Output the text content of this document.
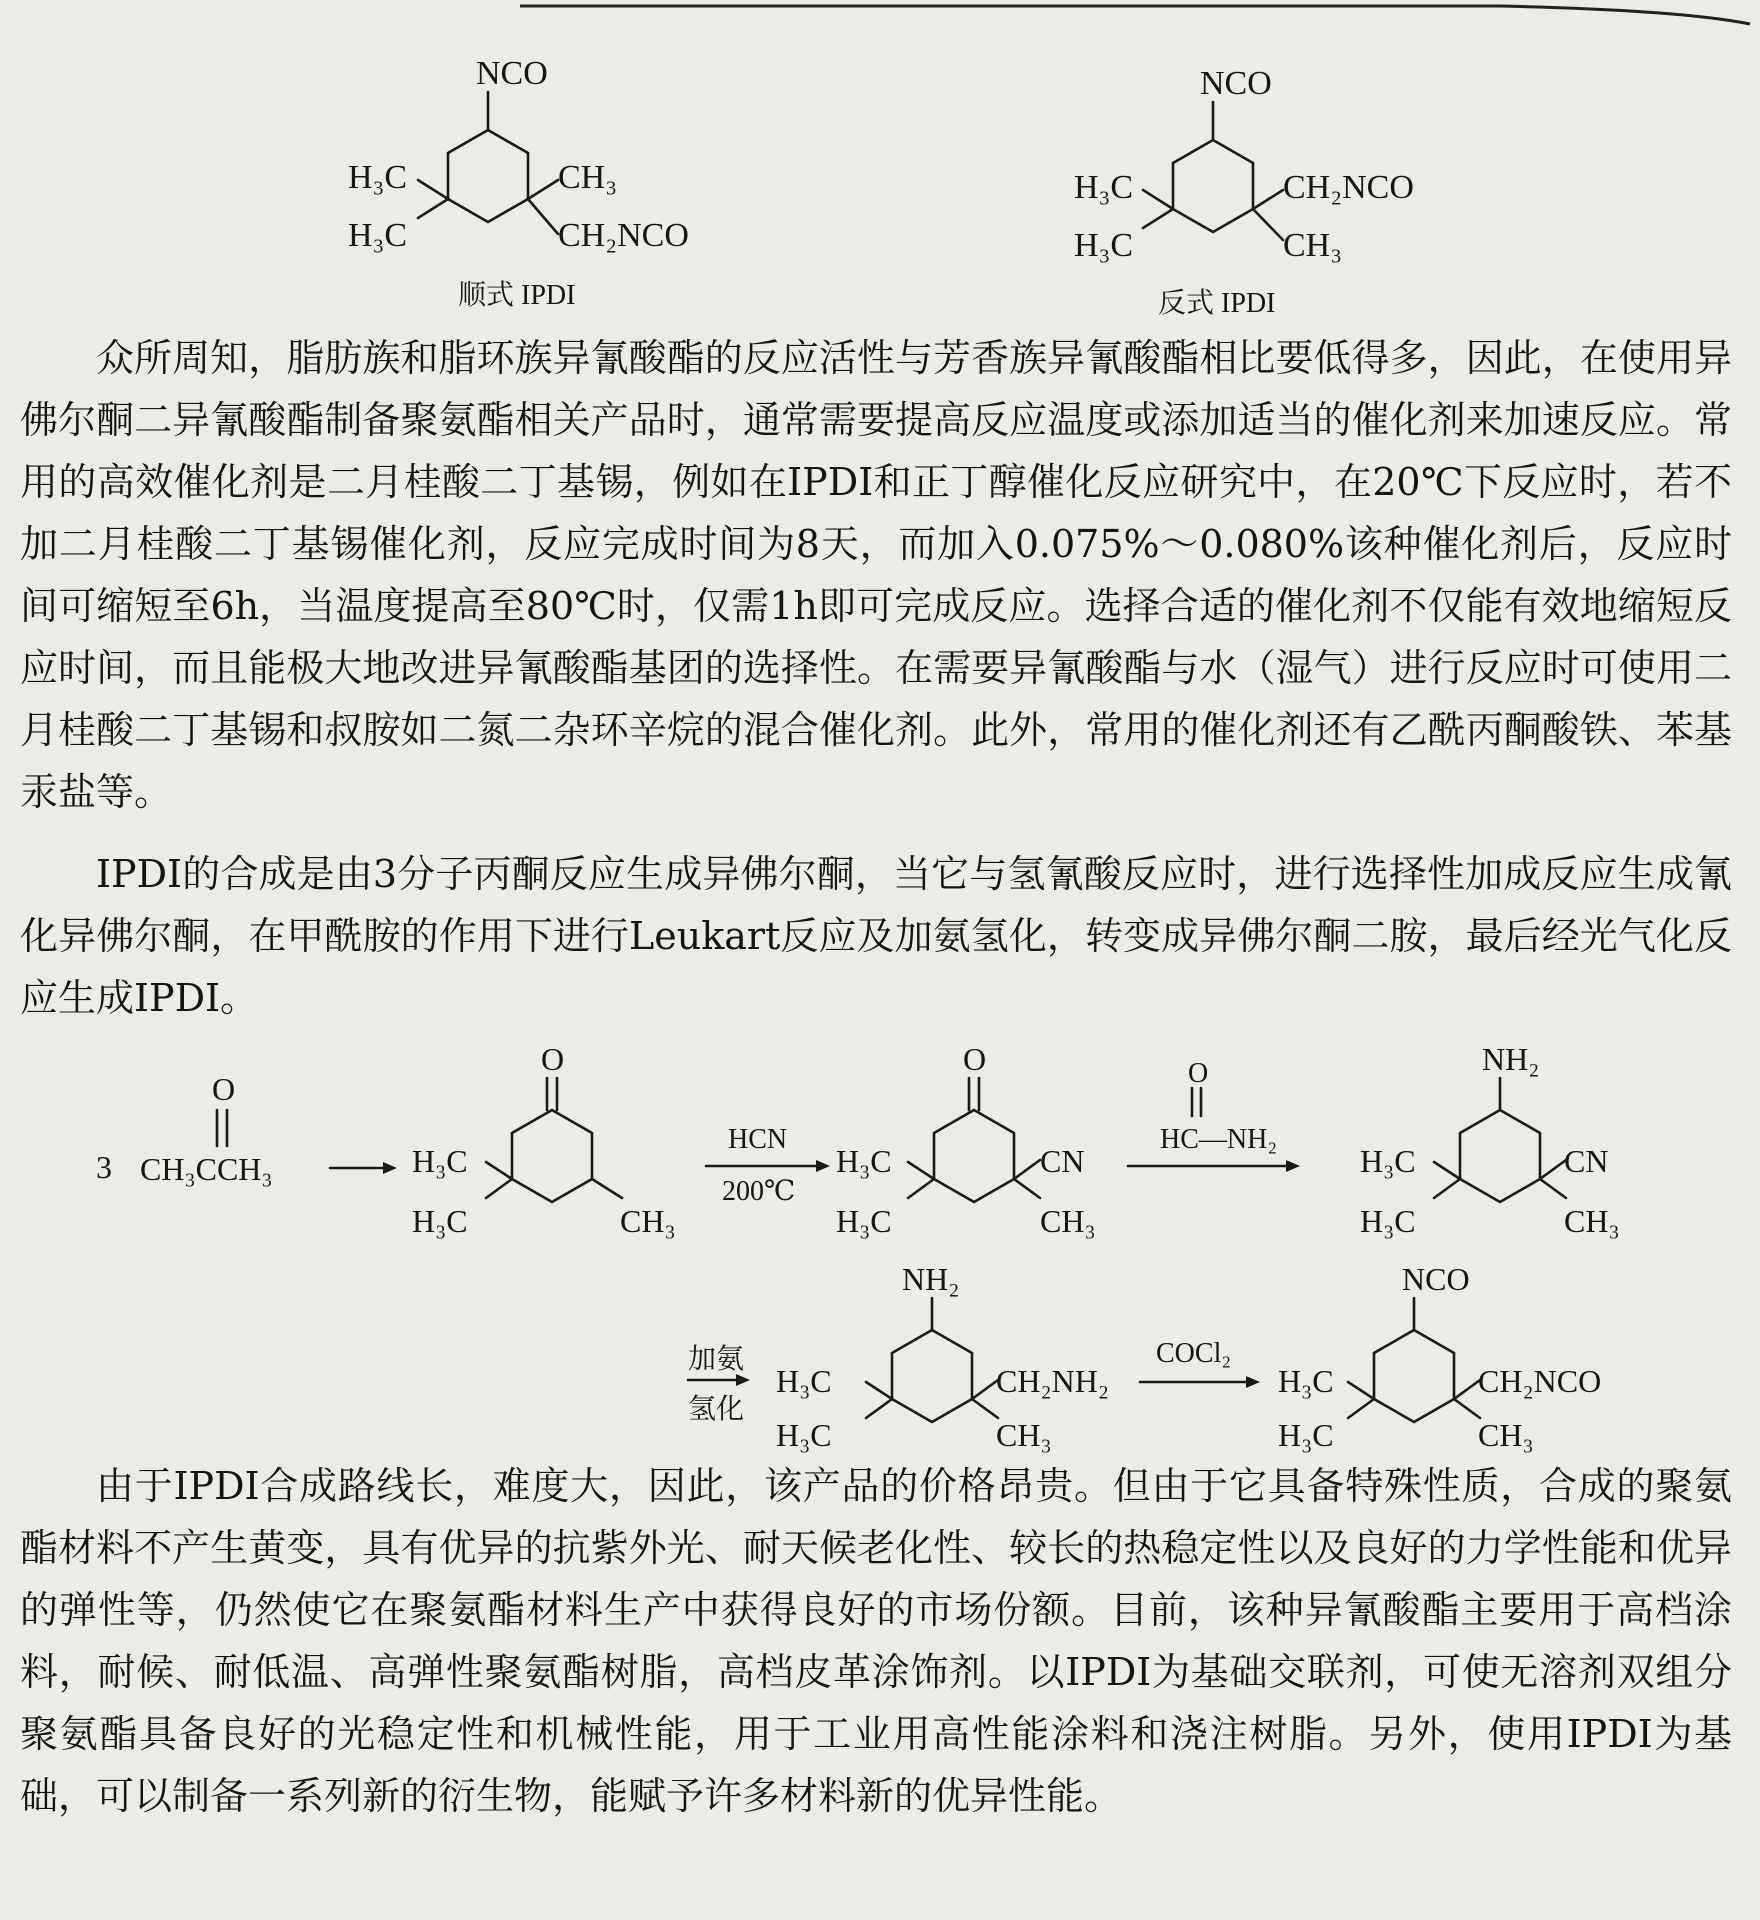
NCO
H₃C
H₃C
CH₃
CH₂NCO
顺式 IPDI
NCO
H₃C
H₃C
CH₂NCO
CH₃
反式 IPDI

众所周知，脂肪族和脂环族异氰酸酯的反应活性与芳香族异氰酸酯相比要低得多，因此，在使用异佛尔酮二异氰酸酯制备聚氨酯相关产品时，通常需要提高反应温度或添加适当的催化剂来加速反应。常用的高效催化剂是二月桂酸二丁基锡，例如在IPDI和正丁醇催化反应研究中，在20℃下反应时，若不加二月桂酸二丁基锡催化剂，反应完成时间为8天，而加入0.075%～0.080%该种催化剂后，反应时间可缩短至6h，当温度提高至80℃时，仅需1h即可完成反应。选择合适的催化剂不仅能有效地缩短反应时间，而且能极大地改进异氰酸酯基团的选择性。在需要异氰酸酯与水（湿气）进行反应时可使用二月桂酸二丁基锡和叔胺如二氮二杂环辛烷的混合催化剂。此外，常用的催化剂还有乙酰丙酮酸铁、苯基汞盐等。

IPDI的合成是由3分子丙酮反应生成异佛尔酮，当它与氢氰酸反应时，进行选择性加成反应生成氰化异佛尔酮，在甲酰胺的作用下进行Leukart反应及加氨氢化，转变成异佛尔酮二胺，最后经光气化反应生成IPDI。

3
O
CH₃CCH₃
O
H₃C
H₃C	CH₃
HCN
200℃
O
H₃C
H₃C
CN
CH₃
O
HC—NH₂
NH₂
H₃C
H₃C
CN
CH₃
加氨
氢化
NH₂
H₃C
H₃C
CH₂NH₂
CH₃
COCl₂
NCO
H₃C
H₃C
CH₂NCO
CH₃

由于IPDI合成路线长，难度大，因此，该产品的价格昂贵。但由于它具备特殊性质，合成的聚氨酯材料不产生黄变，具有优异的抗紫外光、耐天候老化性、较长的热稳定性以及良好的力学性能和优异的弹性等，仍然使它在聚氨酯材料生产中获得良好的市场份额。目前，该种异氰酸酯主要用于高档涂料，耐候、耐低温、高弹性聚氨酯树脂，高档皮革涂饰剂。以IPDI为基础交联剂，可使无溶剂双组分聚氨酯具备良好的光稳定性和机械性能，用于工业用高性能涂料和浇注树脂。另外，使用IPDI为基础，可以制备一系列新的衍生物，能赋予许多材料新的优异性能。
